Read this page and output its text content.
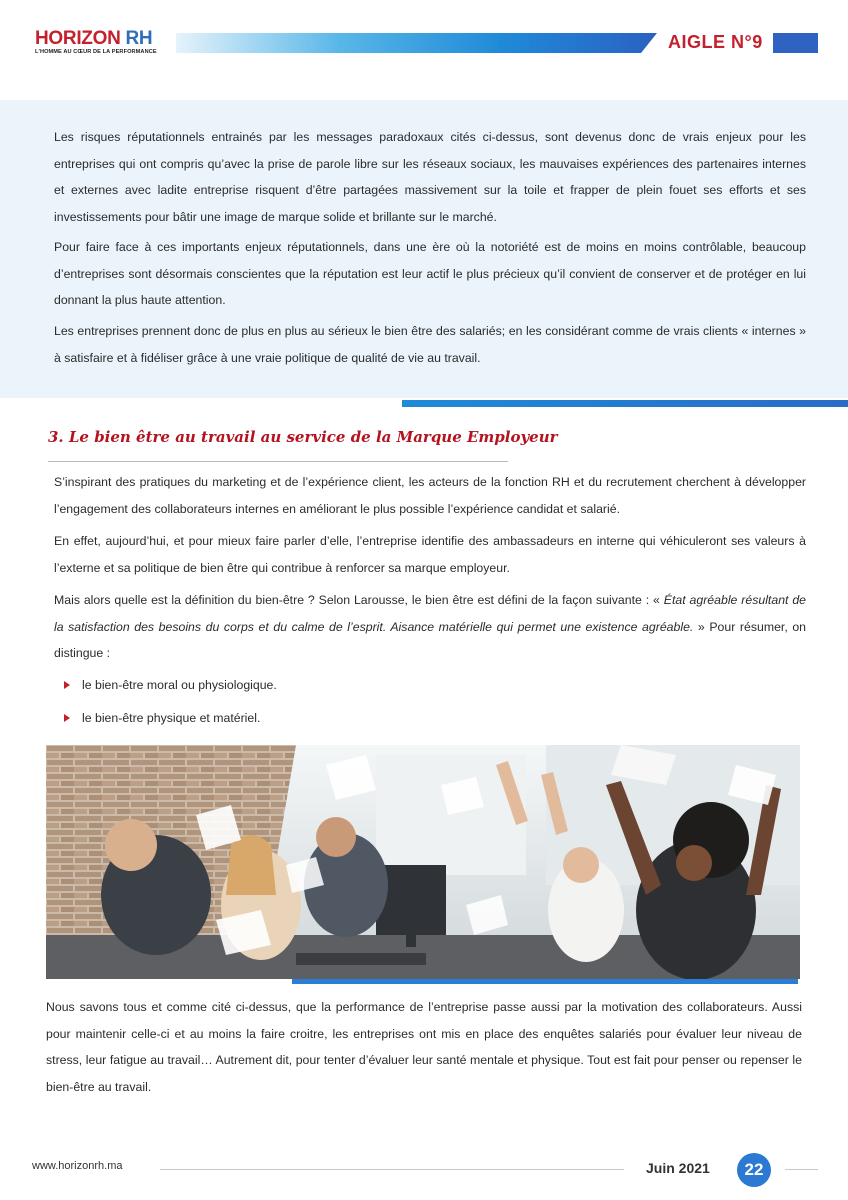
HORIZON RH
L'HOMME AU CŒUR DE LA PERFORMANCE	AIGLE N°9

Les risques réputationnels entrainés par les messages paradoxaux cités ci-dessus, sont devenus donc de vrais enjeux pour les entreprises qui ont compris qu’avec la prise de parole libre sur les réseaux sociaux, les mauvaises expériences des partenaires internes et externes avec ladite entreprise risquent d’être partagées massivement sur la toile et frapper de plein fouet ses efforts et ses investissements pour bâtir une image de marque solide et brillante sur le marché.

Pour faire face à ces importants enjeux réputationnels, dans une ère où la notoriété est de moins en moins contrôlable, beaucoup d’entreprises sont désormais conscientes que la réputation est leur actif le plus précieux qu’il convient de conserver et de protéger en lui donnant la plus haute attention.

Les entreprises prennent donc de plus en plus au sérieux le bien être des salariés; en les considérant comme de vrais clients « internes » à satisfaire et à fidéliser grâce à une vraie politique de qualité de vie au travail.

3. Le bien être au travail au service de la Marque Employeur

S’inspirant des pratiques du marketing et de l’expérience client, les acteurs de la fonction RH et du recrutement cherchent à développer l’engagement des collaborateurs internes en améliorant le plus possible l’expérience candidat et salarié.

En effet, aujourd’hui, et pour mieux faire parler d’elle, l’entreprise identifie des ambassadeurs en interne qui véhiculeront ses valeurs à l’externe et sa politique de bien être qui contribue à renforcer sa marque employeur.

Mais alors quelle est la définition du bien-être ? Selon Larousse, le bien être est défini de la façon suivante : « État agréable résultant de la satisfaction des besoins du corps et du calme de l’esprit. Aisance matérielle qui permet une existence agréable. » Pour résumer, on distingue :

le bien-être moral ou physiologique.
le bien-être physique et matériel.

Nous savons tous et comme cité ci-dessus, que la performance de l’entreprise passe aussi par la motivation des collaborateurs. Aussi pour maintenir celle-ci et au moins la faire croitre, les entreprises ont mis en place des enquêtes salariés pour évaluer leur niveau de stress, leur fatigue au travail… Autrement dit, pour tenter d’évaluer leur santé mentale et physique. Tout est fait pour penser ou repenser le bien-être au travail.

www.horizonrh.ma	Juin 2021	22
